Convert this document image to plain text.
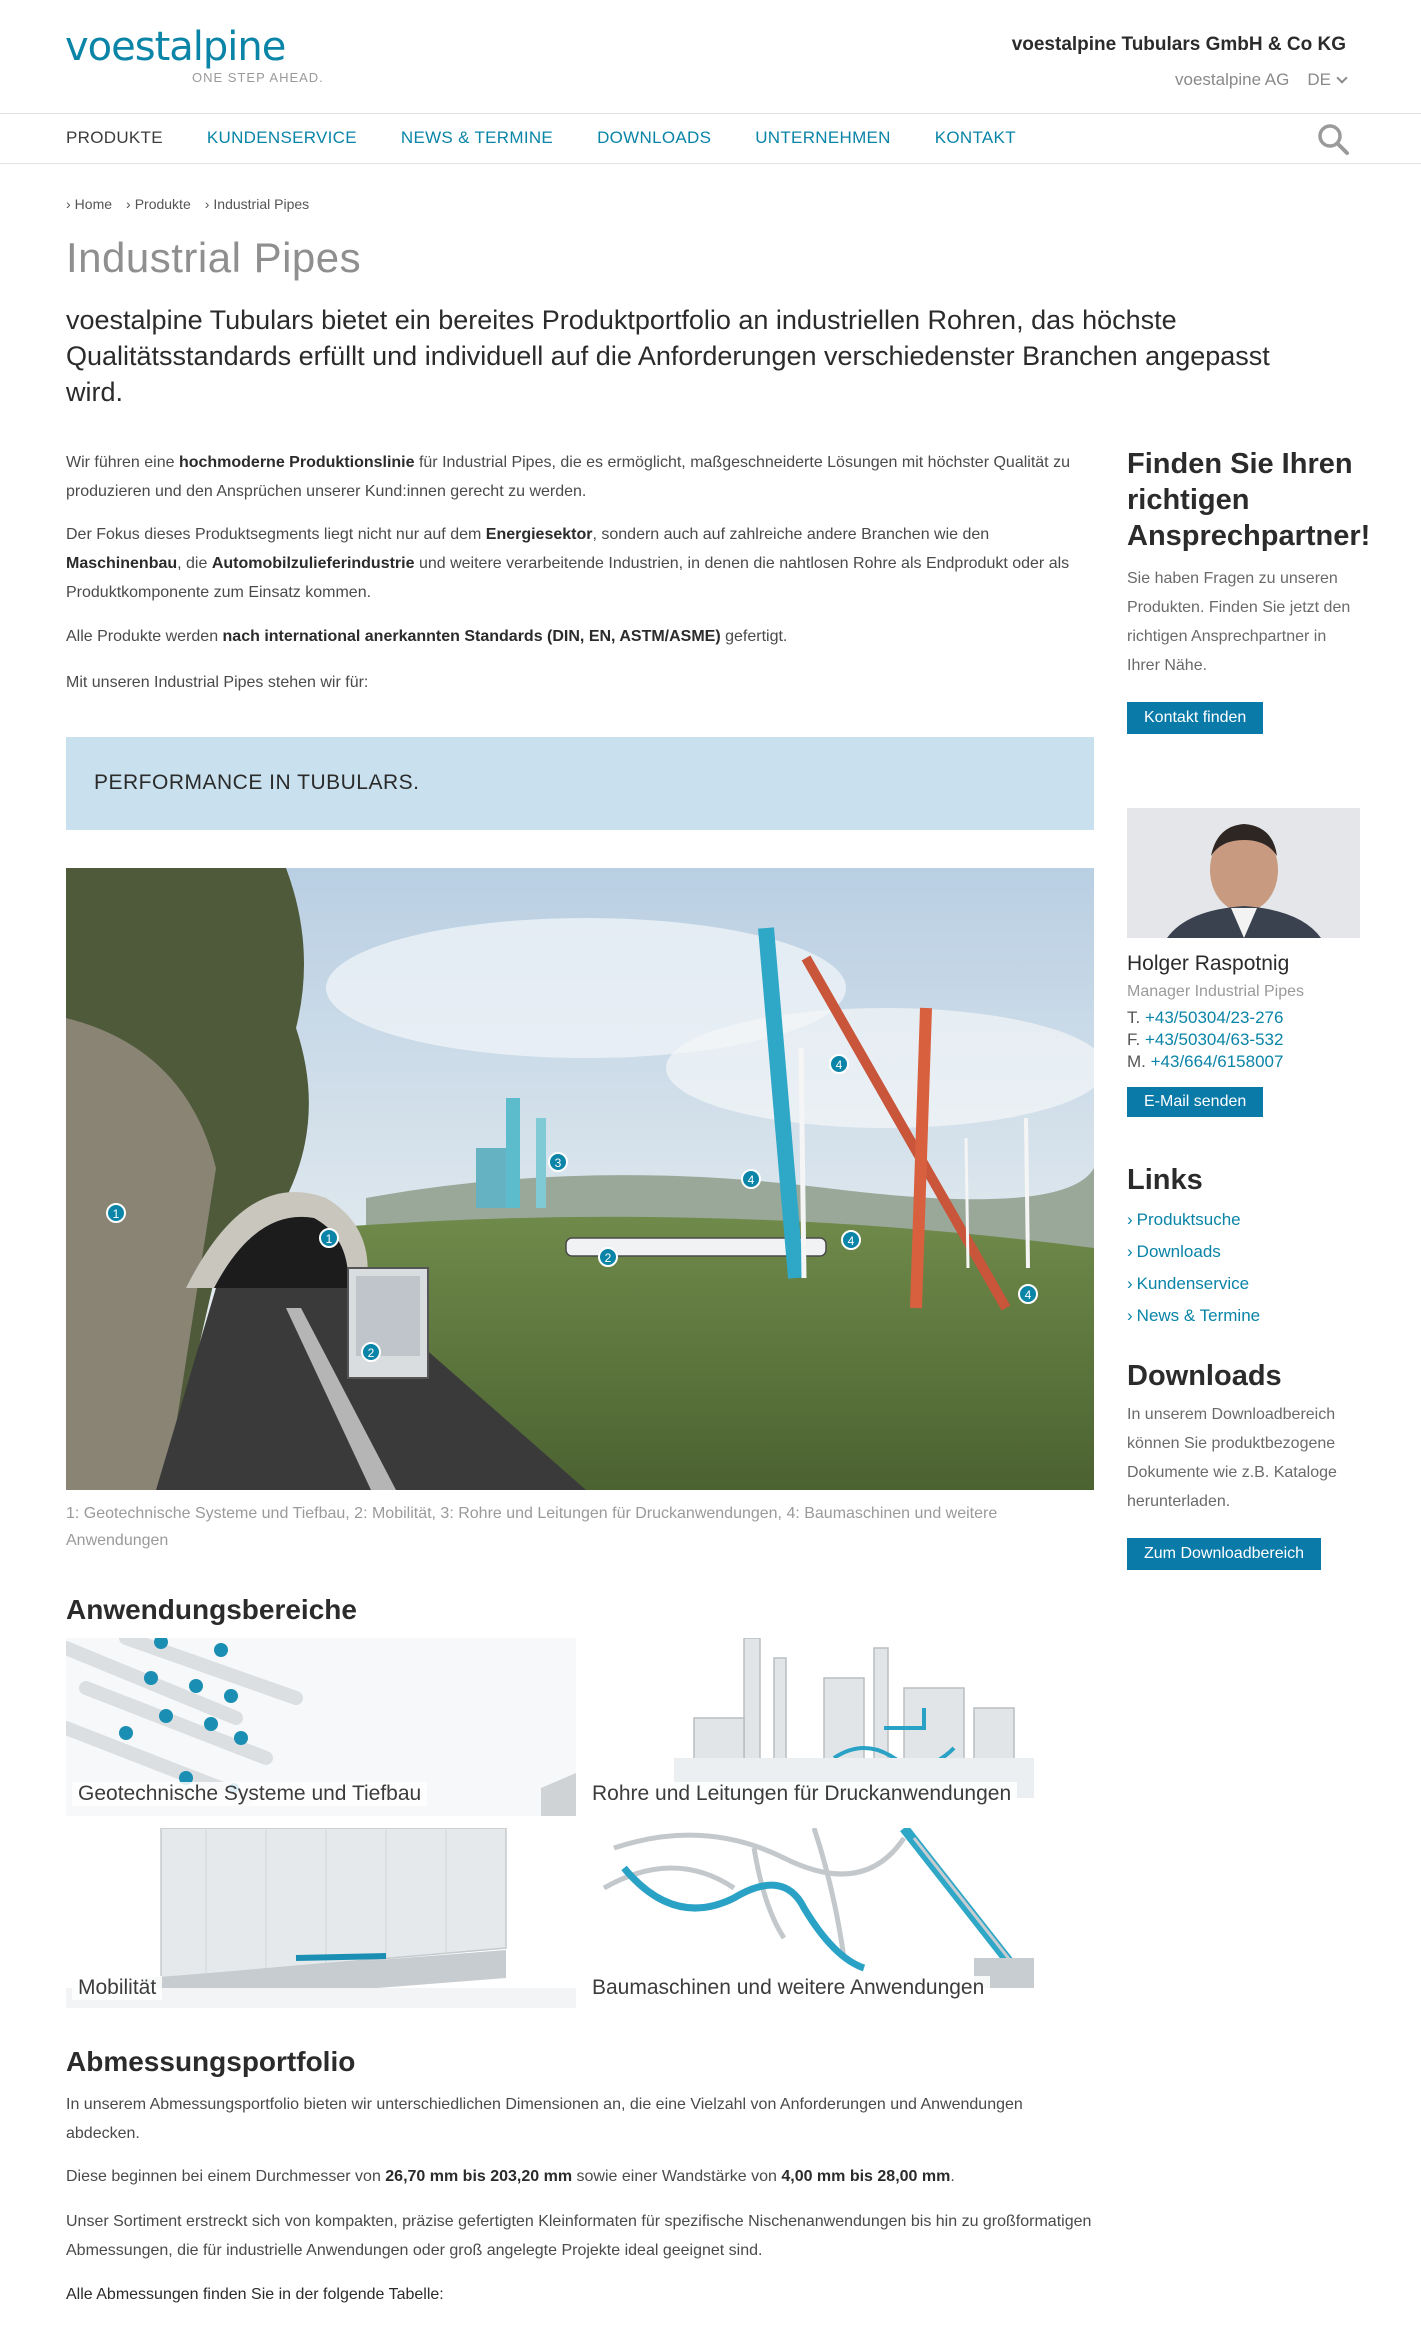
voestalpine
ONE STEP AHEAD.
voestalpine Tubulars GmbH & Co KG
voestalpine AG DE
PRODUKTE	KUNDENSERVICE	NEWS & TERMINE	DOWNLOADS	UNTERNEHMEN	KONTAKT
› Home	› Produkte	› Industrial Pipes
Industrial Pipes

voestalpine Tubulars bietet ein bereites Produktportfolio an industriellen Rohren, das höchste Qualitätsstandards erfüllt und individuell auf die Anforderungen verschiedenster Branchen angepasst wird.

Wir führen eine hochmoderne Produktionslinie für Industrial Pipes, die es ermöglicht, maßgeschneiderte Lösungen mit höchster Qualität zu produzieren und den Ansprüchen unserer Kund:innen gerecht zu werden.

Der Fokus dieses Produktsegments liegt nicht nur auf dem Energiesektor, sondern auch auf zahlreiche andere Branchen wie den Maschinenbau, die Automobilzulieferindustrie und weitere verarbeitende Industrien, in denen die nahtlosen Rohre als Endprodukt oder als Produktkomponente zum Einsatz kommen.

Alle Produkte werden nach international anerkannten Standards (DIN, EN, ASTM/ASME) gefertigt.

Mit unseren Industrial Pipes stehen wir für:

PERFORMANCE IN TUBULARS.
1
1
2
2
3
4
4
4
4

1: Geotechnische Systeme und Tiefbau, 2: Mobilität, 3: Rohre und Leitungen für Druckanwendungen, 4: Baumaschinen und weitere Anwendungen

Anwendungsbereiche
Geotechnische Systeme und Tiefbau	Rohre und Leitungen für Druckanwendungen
Mobilität	Baumaschinen und weitere Anwendungen
Abmessungsportfolio

In unserem Abmessungsportfolio bieten wir unterschiedlichen Dimensionen an, die eine Vielzahl von Anforderungen und Anwendungen abdecken.

Diese beginnen bei einem Durchmesser von 26,70 mm bis 203,20 mm sowie einer Wandstärke von 4,00 mm bis 28,00 mm.

Unser Sortiment erstreckt sich von kompakten, präzise gefertigten Kleinformaten für spezifische Nischenanwendungen bis hin zu großformatigen Abmessungen, die für industrielle Anwendungen oder groß angelegte Projekte ideal geeignet sind.

Alle Abmessungen finden Sie in der folgende Tabelle:

Finden Sie Ihren richtigen Ansprechpartner!

Sie haben Fragen zu unseren Produkten. Finden Sie jetzt den richtigen Ansprechpartner in Ihrer Nähe.

Kontakt finden
Holger Raspotnig
Manager Industrial Pipes
T. +43/50304/23-276
F. +43/50304/63-532
M. +43/664/6158007
E-Mail senden
Links
› Produktsuche
› Downloads
› Kundenservice
› News & Termine
Downloads

In unserem Downloadbereich können Sie produktbezogene Dokumente wie z.B. Kataloge herunterladen.

Zum Downloadbereich
